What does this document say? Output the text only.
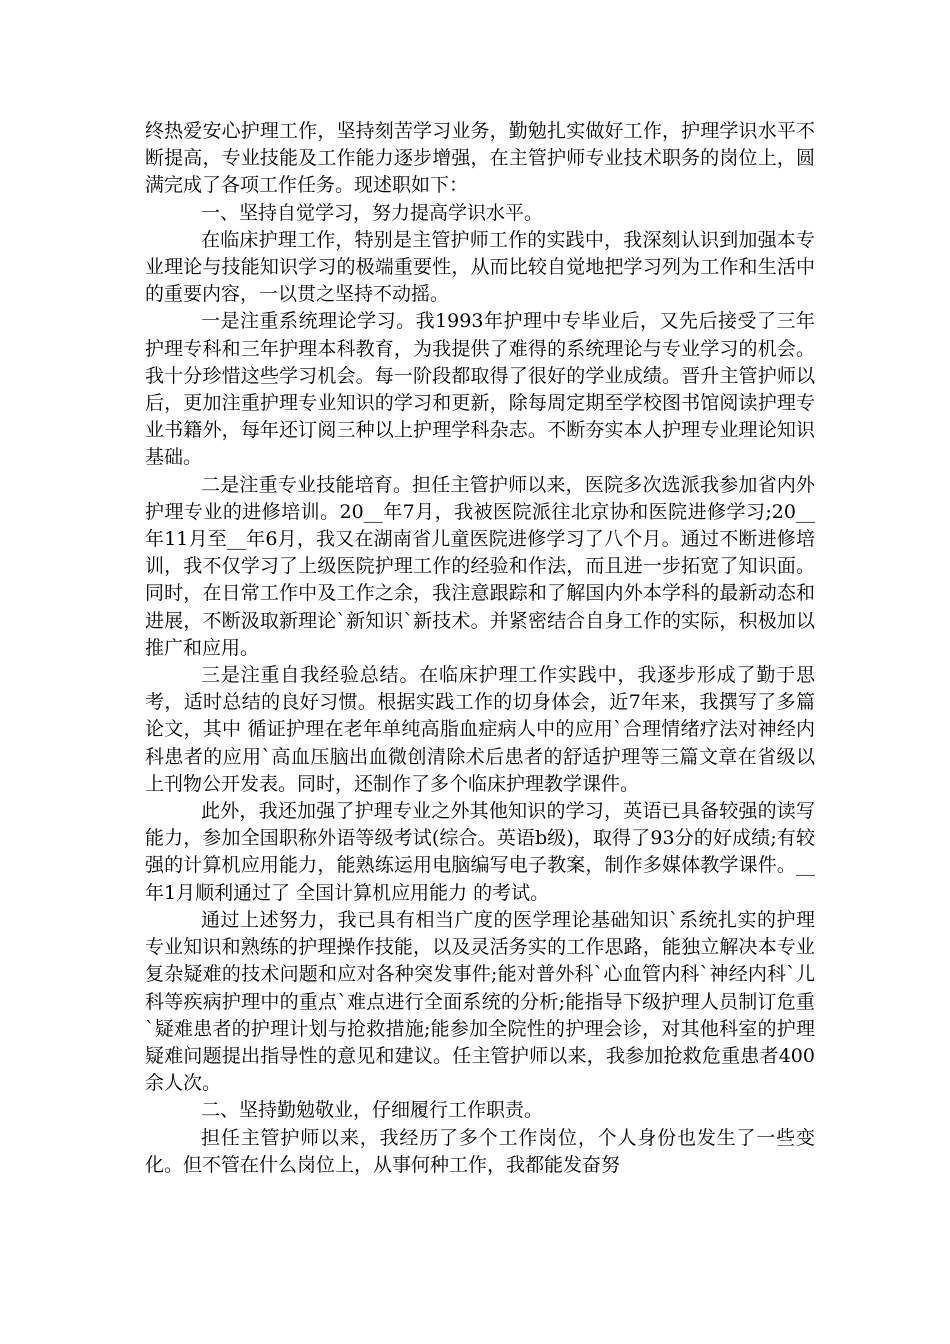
终热爱安心护理工作，坚持刻苦学习业务，勤勉扎实做好工作，护理学识水平不断提高，专业技能及工作能力逐步增强，在主管护师专业技术职务的岗位上，圆满完成了各项工作任务。现述职如下：

一、坚持自觉学习，努力提高学识水平。

在临床护理工作，特别是主管护师工作的实践中，我深刻认识到加强本专业理论与技能知识学习的极端重要性，从而比较自觉地把学习列为工作和生活中的重要内容，一以贯之坚持不动摇。

一是注重系统理论学习。我1993年护理中专毕业后，又先后接受了三年护理专科和三年护理本科教育，为我提供了难得的系统理论与专业学习的机会。我十分珍惜这些学习机会。每一阶段都取得了很好的学业成绩。晋升主管护师以后，更加注重护理专业知识的学习和更新，除每周定期至学校图书馆阅读护理专业书籍外，每年还订阅三种以上护理学科杂志。不断夯实本人护理专业理论知识基础。

二是注重专业技能培育。担任主管护师以来，医院多次选派我参加省内外护理专业的进修培训。20__年7月，我被医院派往北京协和医院进修学习;20__年11月至__年6月，我又在湖南省儿童医院进修学习了八个月。通过不断进修培训，我不仅学习了上级医院护理工作的经验和作法，而且进一步拓宽了知识面。同时，在日常工作中及工作之余，我注意跟踪和了解国内外本学科的最新动态和进展，不断汲取新理论`新知识`新技术。并紧密结合自身工作的实际，积极加以推广和应用。

三是注重自我经验总结。在临床护理工作实践中，我逐步形成了勤于思考，适时总结的良好习惯。根据实践工作的切身体会，近7年来，我撰写了多篇论文，其中 循证护理在老年单纯高脂血症病人中的应用`合理情绪疗法对神经内科患者的应用`高血压脑出血微创清除术后患者的舒适护理等三篇文章在省级以上刊物公开发表。同时，还制作了多个临床护理教学课件。

此外，我还加强了护理专业之外其他知识的学习，英语已具备较强的读写能力，参加全国职称外语等级考试(综合。英语b级)，取得了93分的好成绩;有较强的计算机应用能力，能熟练运用电脑编写电子教案，制作多媒体教学课件。__年1月顺利通过了 全国计算机应用能力 的考试。

通过上述努力，我已具有相当广度的医学理论基础知识`系统扎实的护理专业知识和熟练的护理操作技能，以及灵活务实的工作思路，能独立解决本专业复杂疑难的技术问题和应对各种突发事件;能对普外科`心血管内科`神经内科`儿科等疾病护理中的重点`难点进行全面系统的分析;能指导下级护理人员制订危重`疑难患者的护理计划与抢救措施;能参加全院性的护理会诊，对其他科室的护理疑难问题提出指导性的意见和建议。任主管护师以来，我参加抢救危重患者400余人次。

二、坚持勤勉敬业，仔细履行工作职责。

担任主管护师以来，我经历了多个工作岗位，个人身份也发生了一些变化。但不管在什么岗位上，从事何种工作，我都能发奋努
